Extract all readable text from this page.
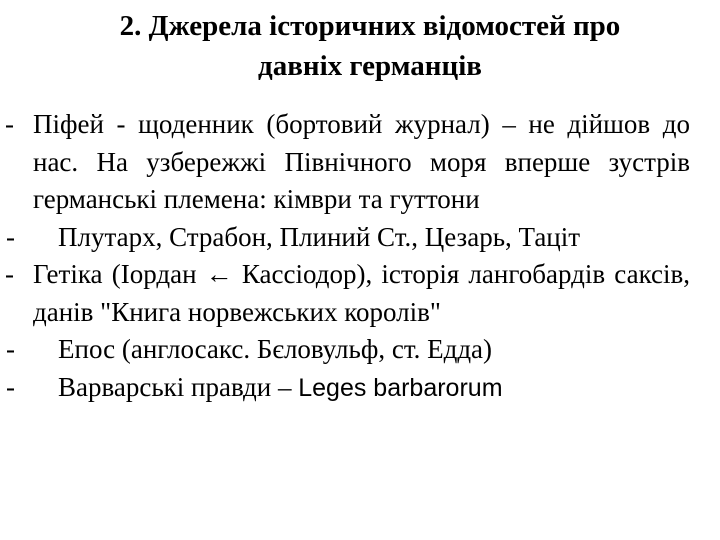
2. Джерела історичних відомостей про
давніх германців
- Піфей - щоденник (бортовий журнал) – не дійшов до нас. На узбережжі Північного моря вперше зустрів германські племена: кімври та гуттони
-	Плутарх, Страбон, Плиний Ст., Цезарь, Таціт
- Гетіка (Іордан ← Кассіодор), історія лангобардів саксів, данів "Книга норвежських королів"
-	Епос (англосакс. Бєловульф, ст. Едда)
-	Варварські правди – Leges barbarorum
